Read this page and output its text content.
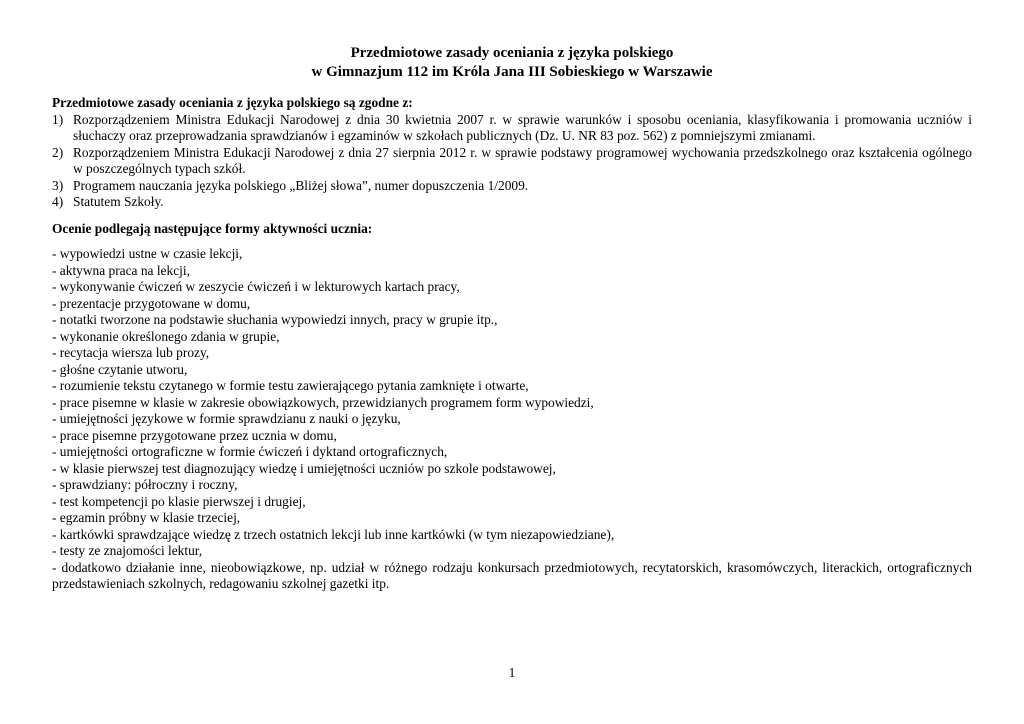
Przedmiotowe zasady oceniania z języka polskiego
w Gimnazjum 112 im Króla Jana III Sobieskiego w Warszawie
Przedmiotowe zasady oceniania z języka polskiego są zgodne z:
1) Rozporządzeniem Ministra Edukacji Narodowej z dnia 30 kwietnia 2007 r. w sprawie warunków i sposobu oceniania, klasyfikowania i promowania uczniów i słuchaczy oraz przeprowadzania sprawdzianów i egzaminów w szkołach publicznych (Dz. U. NR 83 poz. 562) z pomniejszymi zmianami.
2) Rozporządzeniem Ministra Edukacji Narodowej z dnia 27 sierpnia 2012 r. w sprawie podstawy programowej wychowania przedszkolnego oraz kształcenia ogólnego w poszczególnych typach szkół.
3) Programem nauczania języka polskiego „Bliżej słowa”, numer dopuszczenia 1/2009.
4) Statutem Szkoły.
Ocenie podlegają następujące formy aktywności ucznia:
- wypowiedzi ustne w czasie lekcji,
- aktywna praca na lekcji,
- wykonywanie ćwiczeń w zeszycie ćwiczeń i w lekturowych kartach pracy,
- prezentacje przygotowane w domu,
- notatki tworzone na podstawie słuchania wypowiedzi innych, pracy w grupie itp.,
- wykonanie określonego zdania w grupie,
- recytacja wiersza lub prozy,
- głośne czytanie utworu,
- rozumienie tekstu czytanego w formie testu zawierającego pytania zamknięte i otwarte,
- prace pisemne w klasie w zakresie obowiązkowych, przewidzianych programem form wypowiedzi,
- umiejętności językowe w formie sprawdzianu z nauki o języku,
- prace pisemne przygotowane przez ucznia w domu,
- umiejętności ortograficzne w formie ćwiczeń i dyktand ortograficznych,
- w klasie pierwszej test diagnozujący wiedzę i umiejętności uczniów po szkole podstawowej,
- sprawdziany: półroczny i roczny,
- test kompetencji po klasie pierwszej i drugiej,
- egzamin próbny w klasie trzeciej,
- kartkówki sprawdzające wiedzę z trzech ostatnich lekcji lub inne kartkówki (w tym niezapowiedziane),
- testy ze znajomości lektur,
- dodatkowo działanie inne, nieobowiązkowe, np. udział w różnego rodzaju konkursach przedmiotowych, recytatorskich, krasomówczych, literackich, ortograficznych przedstawieniach szkolnych, redagowaniu szkolnej gazetki itp.
1
